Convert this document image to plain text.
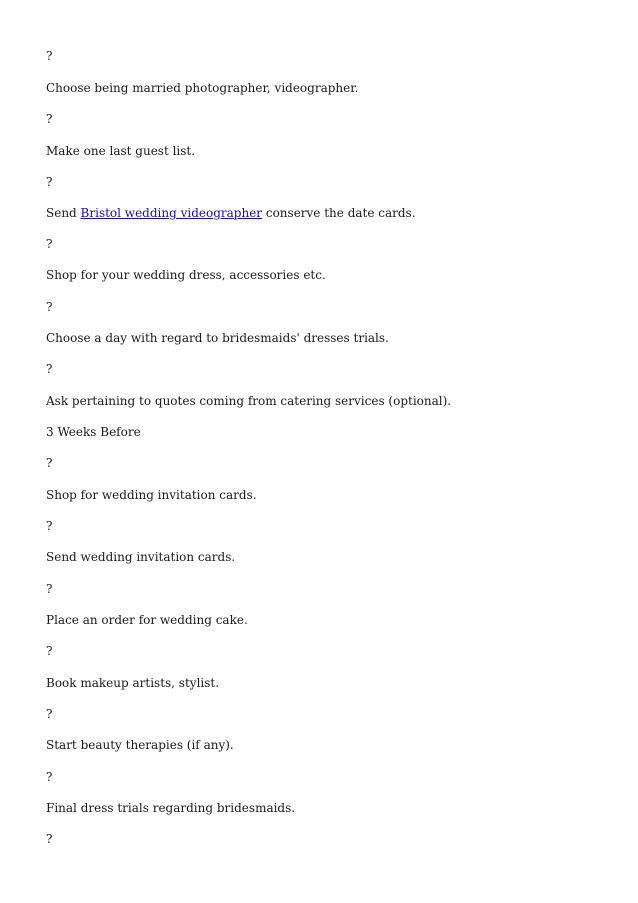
?
Choose being married photographer, videographer.
?
Make one last guest list.
?
Send Bristol wedding videographer conserve the date cards.
?
Shop for your wedding dress, accessories etc.
?
Choose a day with regard to bridesmaids' dresses trials.
?
Ask pertaining to quotes coming from catering services (optional).
3 Weeks Before
?
Shop for wedding invitation cards.
?
Send wedding invitation cards.
?
Place an order for wedding cake.
?
Book makeup artists, stylist.
?
Start beauty therapies (if any).
?
Final dress trials regarding bridesmaids.
?
